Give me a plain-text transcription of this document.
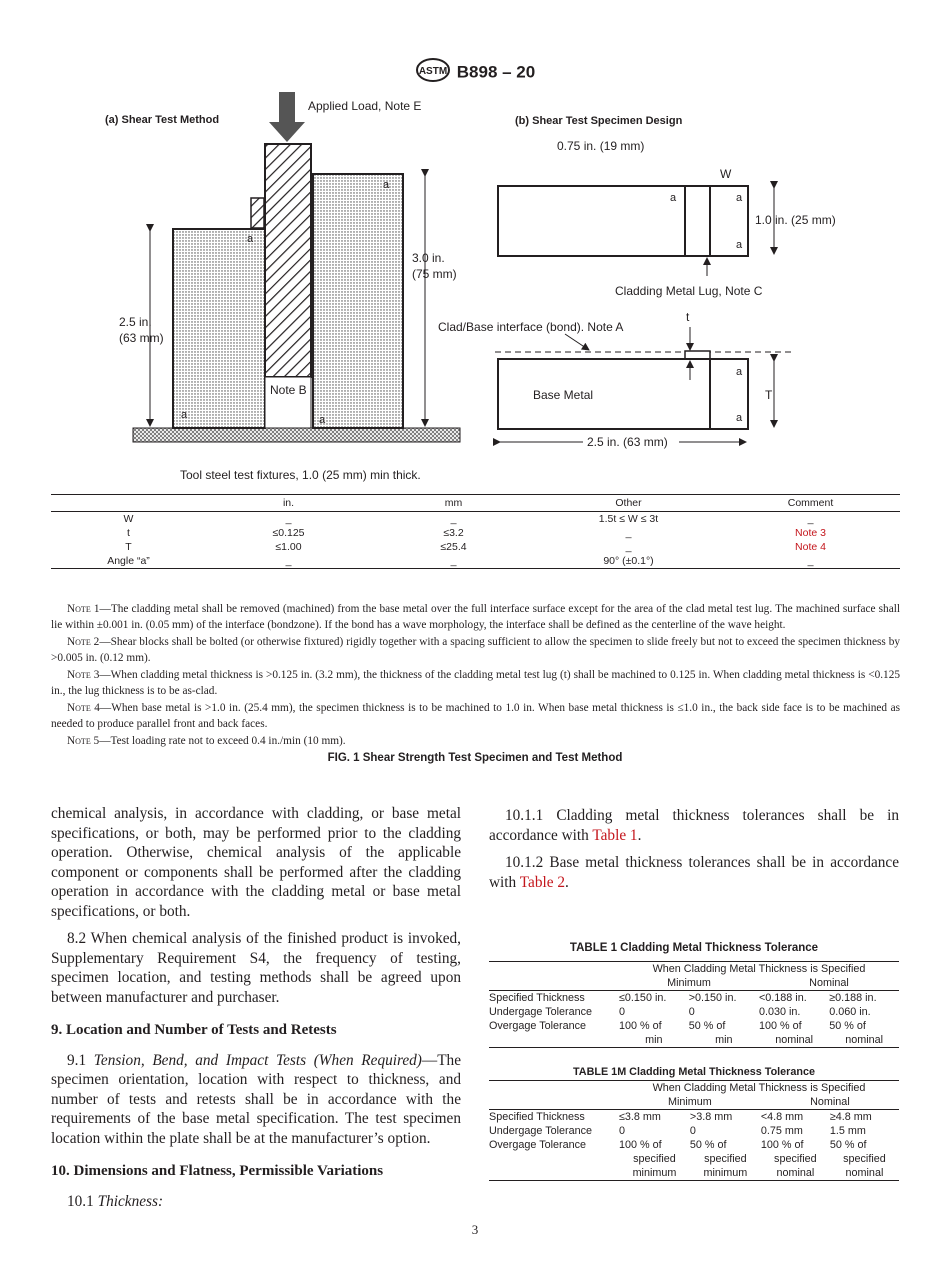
ASTM B898 – 20
(a) Shear Test Method
Applied Load, Note E
Note B
a
a
a	a
3.0 in.
(75 mm)
2.5 in.
(63 mm)
Tool steel test fixtures, 1.0 (25 mm) min thick.
(b) Shear Test Specimen Design
0.75 in. (19 mm)
W
a	a
a
1.0 in. (25 mm)
Cladding Metal Lug, Note C
Clad/Base interface (bond). Note A
t
Base Metal
a
a
T
2.5 in. (63 mm)
	in.	mm	Other	Comment
W	_	_	1.5t ≤ W ≤ 3t	_
t	≤0.125	≤3.2	_	Note 3
T	≤1.00	≤25.4	_	Note 4
Angle “a”	_	_	90° (±0.1°)	_

Note 1—The cladding metal shall be removed (machined) from the base metal over the full interface surface except for the area of the clad metal test lug. The machined surface shall lie within ±0.001 in. (0.05 mm) of the interface (bondzone). If the bond has a wave morphology, the interface shall be defined as the centerline of the wave height.

Note 2—Shear blocks shall be bolted (or otherwise fixtured) rigidly together with a spacing sufficient to allow the specimen to slide freely but not to exceed the specimen thickness by >0.005 in. (0.12 mm).

Note 3—When cladding metal thickness is >0.125 in. (3.2 mm), the thickness of the cladding metal test lug (t) shall be machined to 0.125 in. When cladding metal thickness is <0.125 in., the lug thickness is to be as-clad.

Note 4—When base metal is >1.0 in. (25.4 mm), the specimen thickness is to be machined to 1.0 in. When base metal thickness is ≤1.0 in., the back side face is to be machined as needed to produce parallel front and back faces.

Note 5—Test loading rate not to exceed 0.4 in./min (10 mm).

FIG. 1 Shear Strength Test Specimen and Test Method

chemical analysis, in accordance with cladding, or base metal specifications, or both, may be performed prior to the cladding operation. Otherwise, chemical analysis of the applicable component or components shall be performed after the cladding operation in accordance with the cladding metal or base metal specifications, or both.

8.2 When chemical analysis of the finished product is invoked, Supplementary Requirement S4, the frequency of testing, specimen location, and testing methods shall be agreed upon between manufacturer and purchaser.

9. Location and Number of Tests and Retests

9.1 Tension, Bend, and Impact Tests (When Required)—The specimen orientation, location with respect to thickness, and number of tests and retests shall be in accordance with the requirements of the base metal specification. The test specimen location within the plate shall be at the manufacturer’s option.

10. Dimensions and Flatness, Permissible Variations

10.1 Thickness:

10.1.1 Cladding metal thickness tolerances shall be in accordance with Table 1.

10.1.2 Base metal thickness tolerances shall be in accordance with Table 2.

TABLE 1 Cladding Metal Thickness Tolerance
	When Cladding Metal Thickness is Specified			
	Minimum		Nominal	
Specified Thickness	≤0.150 in.	>0.150 in.	<0.188 in.	≥0.188 in.
Undergage Tolerance	0	0	0.030 in.	0.060 in.
Overgage Tolerance	100 % of	50 % of	100 % of	50 % of
	min	min	nominal	nominal
TABLE 1M Cladding Metal Thickness Tolerance
	When Cladding Metal Thickness is Specified			
	Minimum		Nominal	
Specified Thickness	≤3.8 mm	>3.8 mm	<4.8 mm	≥4.8 mm
Undergage Tolerance	0	0	0.75 mm	1.5 mm
Overgage Tolerance	100 % of	50 % of	100 % of	50 % of
	specified	specified	specified	specified
	minimum	minimum	nominal	nominal
3
